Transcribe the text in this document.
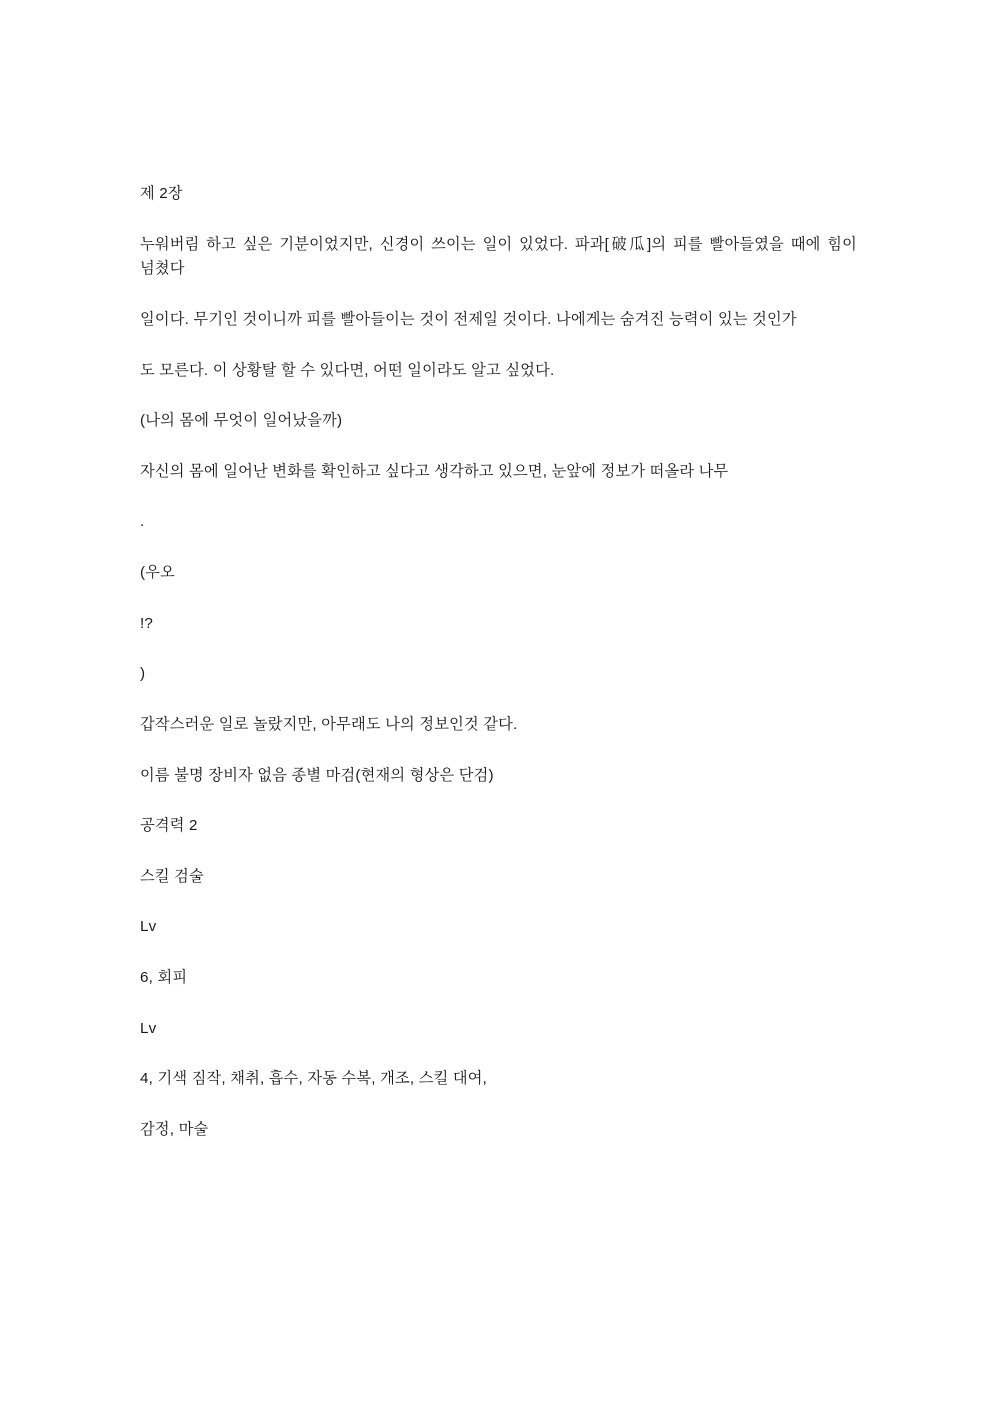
제 2장

누워버림 하고 싶은 기분이었지만, 신경이 쓰이는 일이 있었다. 파과[破瓜]의 피를 빨아들였을 때에 힘이 넘쳤다

일이다. 무기인 것이니까 피를 빨아들이는 것이 전제일 것이다. 나에게는 숨겨진 능력이 있는 것인가

도 모른다. 이 상황탈 할 수 있다면, 어떤 일이라도 알고 싶었다.

(나의 몸에 무엇이 일어났을까)

자신의 몸에 일어난 변화를 확인하고 싶다고 생각하고 있으면, 눈앞에 정보가 떠올라 나무

.

(우오

!?

)

갑작스러운 일로 놀랐지만, 아무래도 나의 정보인것 같다.

이름 불명 장비자 없음 종별 마검(현재의 형상은 단검)

공격력 2

스킬 검술

Lv

6, 회피

Lv

4, 기색 짐작, 채취, 흡수, 자동 수복, 개조, 스킬 대여,

감정, 마술
